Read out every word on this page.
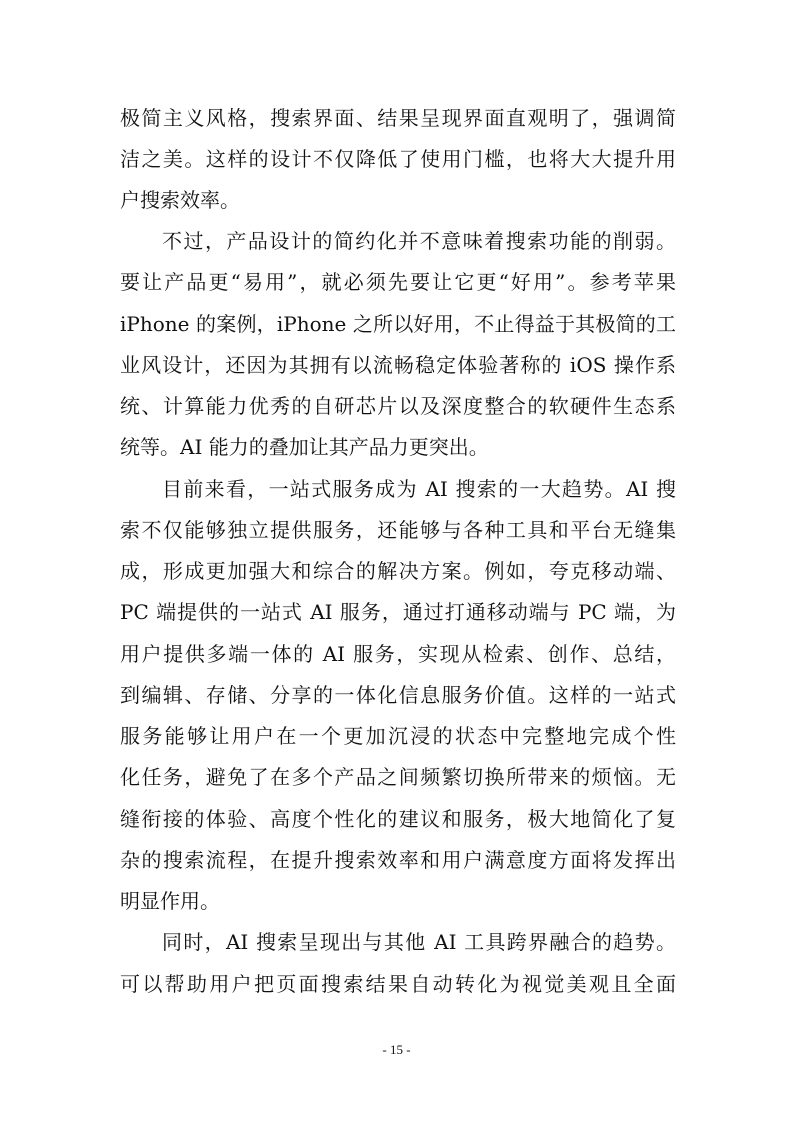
极简主义风格，搜索界面、结果呈现界面直观明了，强调简
洁之美。这样的设计不仅降低了使用门槛，也将大大提升用
户搜索效率。
不过，产品设计的简约化并不意味着搜索功能的削弱。
要让产品更“易用”，就必须先要让它更“好用”。参考苹果
iPhone 的案例，iPhone 之所以好用，不止得益于其极简的工
业风设计，还因为其拥有以流畅稳定体验著称的 iOS 操作系
统、计算能力优秀的自研芯片以及深度整合的软硬件生态系
统等。AI 能力的叠加让其产品力更突出。
目前来看，一站式服务成为 AI 搜索的一大趋势。AI 搜
索不仅能够独立提供服务，还能够与各种工具和平台无缝集
成，形成更加强大和综合的解决方案。例如，夸克移动端、
PC 端提供的一站式 AI 服务，通过打通移动端与 PC 端，为
用户提供多端一体的 AI 服务，实现从检索、创作、总结，
到编辑、存储、分享的一体化信息服务价值。这样的一站式
服务能够让用户在一个更加沉浸的状态中完整地完成个性
化任务，避免了在多个产品之间频繁切换所带来的烦恼。无
缝衔接的体验、高度个性化的建议和服务，极大地简化了复
杂的搜索流程，在提升搜索效率和用户满意度方面将发挥出
明显作用。
同时，AI 搜索呈现出与其他 AI 工具跨界融合的趋势。
可以帮助用户把页面搜索结果自动转化为视觉美观且全面
- 15 -
